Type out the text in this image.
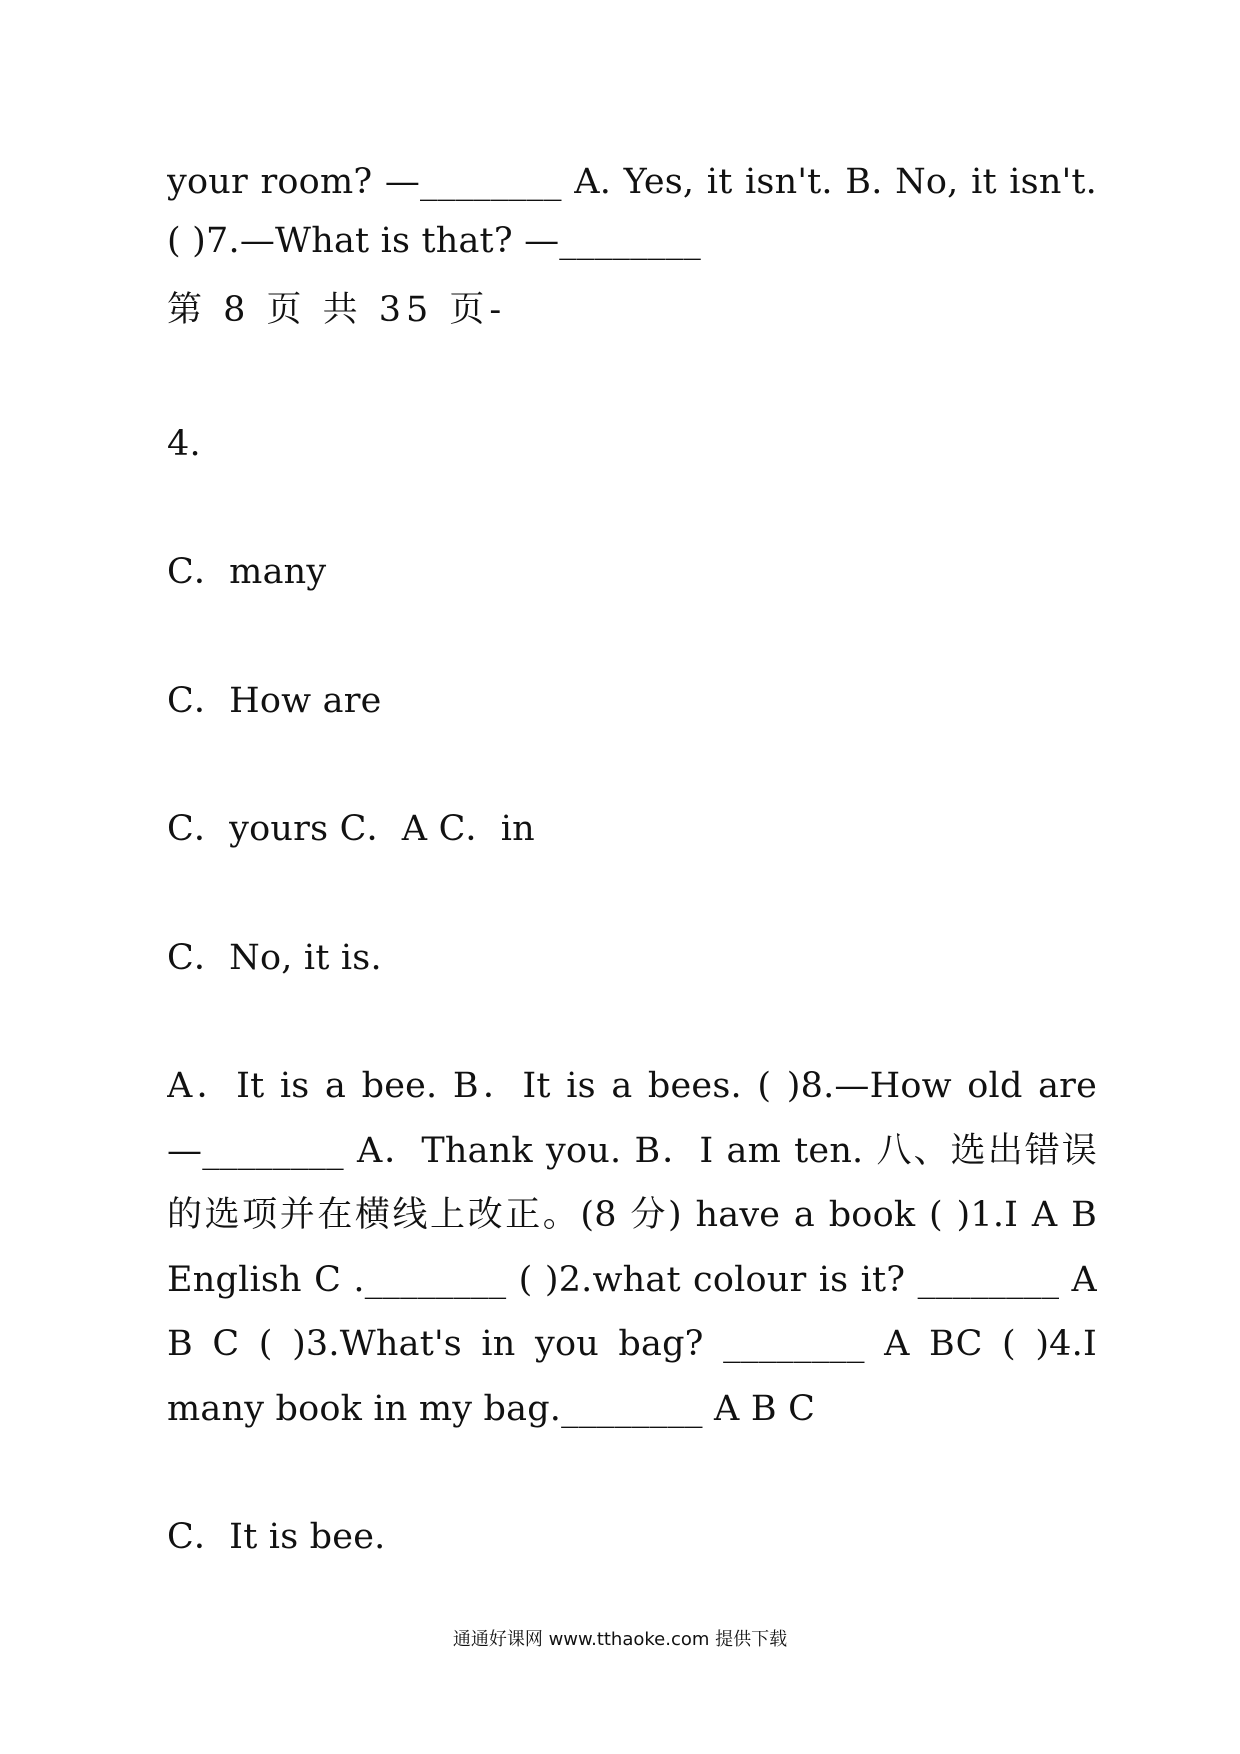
your room? —________ A. Yes, it isn't. B. No, it isn't.
( )7.—What is that? —________
第 8 页 共 35 页-
4.
C．many
C．How are
C．yours C．A C．in
C．No, it is.
A．It is a bee. B．It is a bees. ( )8.—How old are
—________ A．Thank you. B．I am ten. 八、选出错误
的选项并在横线上改正。(8 分) have a book ( )1.I A B
English C .________ ( )2.what colour is it? ________ A
B C ( )3.What's in you bag? ________ A BC ( )4.I
many book in my bag.________ A B C
C．It is bee.
通通好课网 www.tthaoke.com 提供下载
